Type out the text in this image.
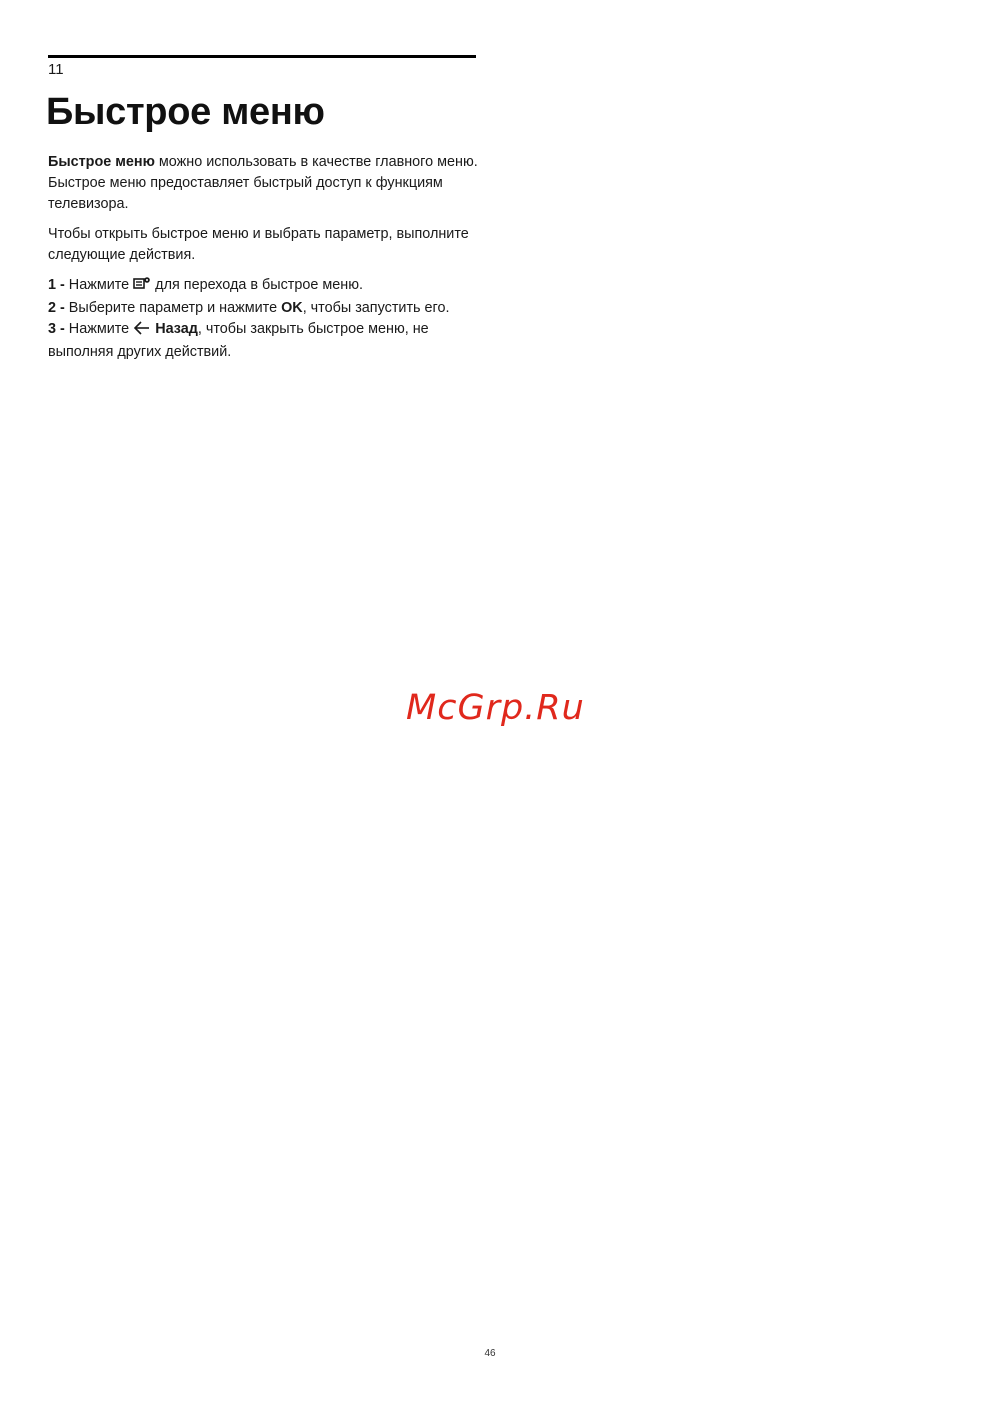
11
Быстрое меню

Быстрое меню можно использовать в качестве главного меню. Быстрое меню предоставляет быстрый доступ к функциям телевизора.

Чтобы открыть быстрое меню и выбрать параметр, выполните следующие действия.

1 - Нажмите  для перехода в быстрое меню.
2 - Выберите параметр и нажмите OK, чтобы запустить его.
3 - Нажмите  Назад, чтобы закрыть быстрое меню, не выполняя других действий.
McGrp.Ru
46
